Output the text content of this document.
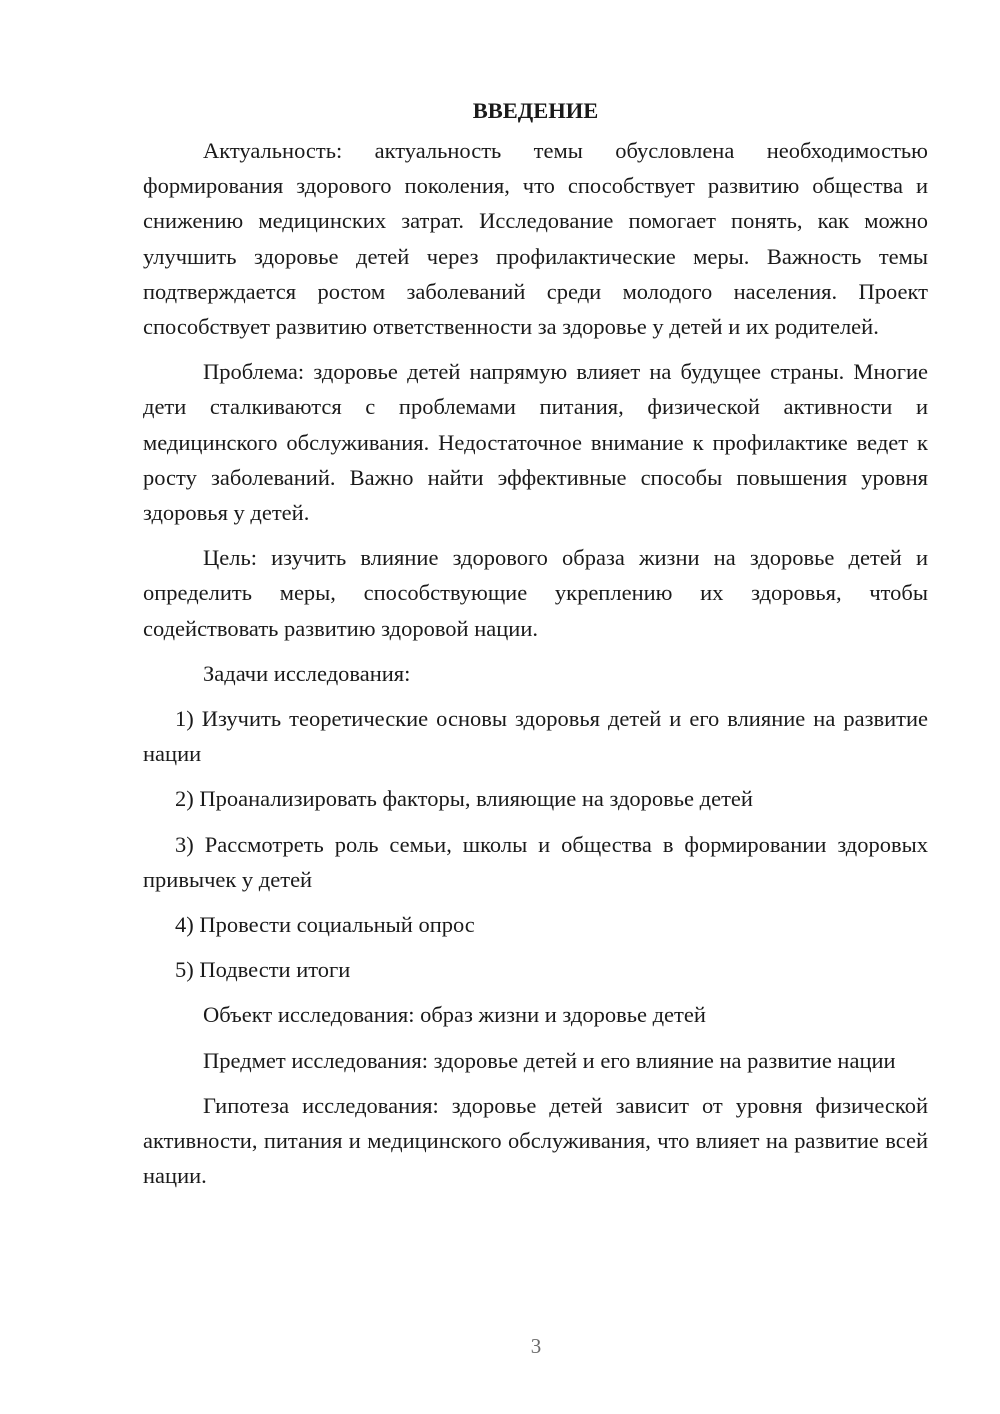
ВВЕДЕНИЕ

Актуальность: актуальность темы обусловлена необходимостью формирования здорового поколения, что способствует развитию общества и снижению медицинских затрат. Исследование помогает понять, как можно улучшить здоровье детей через профилактические меры. Важность темы подтверждается ростом заболеваний среди молодого населения. Проект способствует развитию ответственности за здоровье у детей и их родителей.

Проблема: здоровье детей напрямую влияет на будущее страны. Многие дети сталкиваются с проблемами питания, физической активности и медицинского обслуживания. Недостаточное внимание к профилактике ведет к росту заболеваний. Важно найти эффективные способы повышения уровня здоровья у детей.

Цель: изучить влияние здорового образа жизни на здоровье детей и определить меры, способствующие укреплению их здоровья, чтобы содействовать развитию здоровой нации.

Задачи исследования:

1) Изучить теоретические основы здоровья детей и его влияние на развитие нации

2) Проанализировать факторы, влияющие на здоровье детей

3) Рассмотреть роль семьи, школы и общества в формировании здоровых привычек у детей

4) Провести социальный опрос

5) Подвести итоги

Объект исследования: образ жизни и здоровье детей

Предмет исследования: здоровье детей и его влияние на развитие нации

Гипотеза исследования: здоровье детей зависит от уровня физической активности, питания и медицинского обслуживания, что влияет на развитие всей нации.

3
